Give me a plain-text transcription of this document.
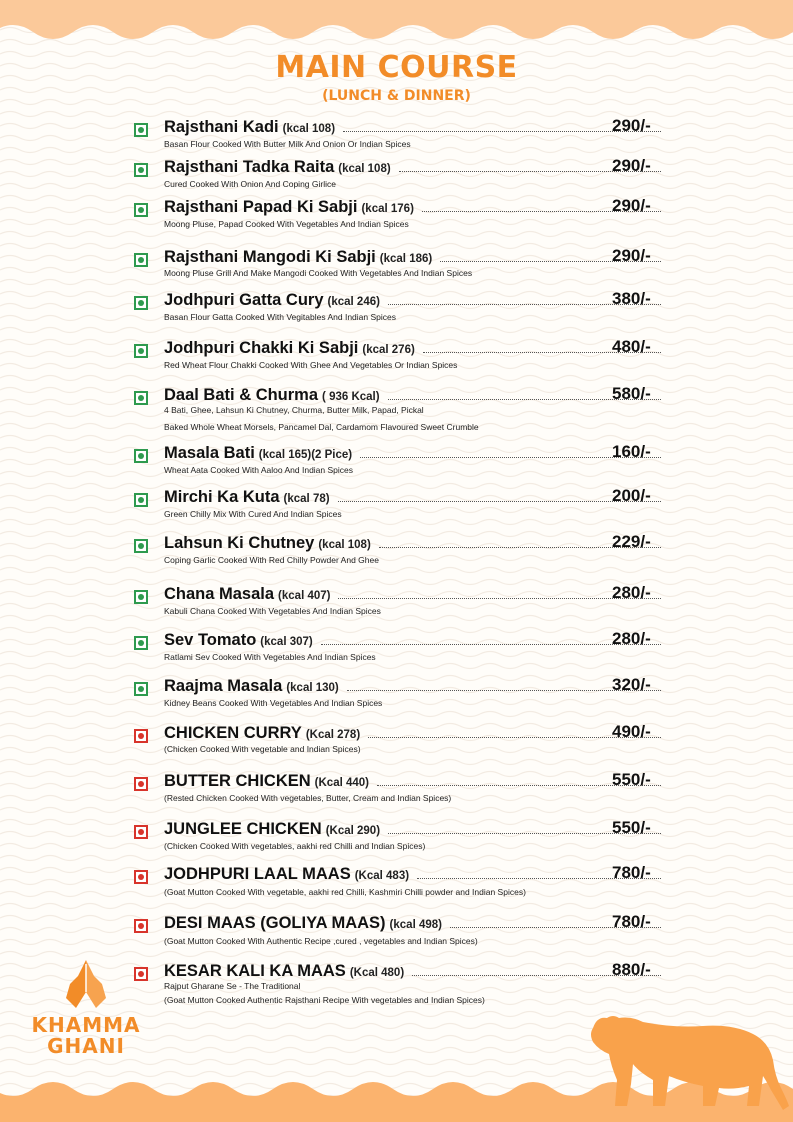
MAIN COURSE
(LUNCH & DINNER)
Rajsthani Kadi (kcal 108)	290/-
Basan Flour Cooked With Butter Milk And Onion Or Indian Spices
Rajsthani Tadka Raita (kcal 108)	290/-
Cured Cooked With Onion And Coping Girlice
Rajsthani Papad Ki Sabji (kcal 176)	290/-
Moong Pluse, Papad Cooked With Vegetables And Indian Spices
Rajsthani Mangodi Ki Sabji (kcal 186)	290/-
Moong Pluse Grill And Make Mangodi Cooked With Vegetables And Indian Spices
Jodhpuri Gatta Cury (kcal 246)	380/-
Basan Flour Gatta Cooked With Vegitables And Indian Spices
Jodhpuri Chakki Ki Sabji (kcal 276)	480/-
Red Wheat Flour Chakki Cooked With Ghee And Vegetables Or Indian Spices
Daal Bati & Churma ( 936 Kcal)	580/-
4 Bati, Ghee, Lahsun Ki Chutney, Churma, Butter Milk, Papad, Pickal
Baked Whole Wheat Morsels, Pancamel Dal, Cardamom Flavoured Sweet Crumble
Masala Bati (kcal 165)(2 Pice)	160/-
Wheat Aata Cooked With Aaloo And Indian Spices
Mirchi Ka Kuta (kcal 78)	200/-
Green Chilly Mix With Cured And Indian Spices
Lahsun Ki Chutney (kcal 108)	229/-
Coping Garlic Cooked With Red Chilly Powder And Ghee
Chana Masala (kcal 407)	280/-
Kabuli Chana Cooked With Vegetables And Indian Spices
Sev Tomato (kcal 307)	280/-
Ratlami Sev Cooked With Vegetables And Indian Spices
Raajma Masala (kcal 130)	320/-
Kidney Beans Cooked With Vegetables And Indian Spices
CHICKEN CURRY (Kcal 278)	490/-
(Chicken Cooked With vegetable and Indian Spices)
BUTTER CHICKEN (Kcal 440)	550/-
(Rested Chicken Cooked With vegetables, Butter, Cream and Indian Spices)
JUNGLEE CHICKEN (Kcal 290)	550/-
(Chicken Cooked With vegetables, aakhi red Chilli and Indian Spices)
JODHPURI LAAL MAAS (Kcal 483)	780/-
(Goat Mutton Cooked With vegetable, aakhi red Chilli, Kashmiri Chilli powder and Indian Spices)
DESI MAAS (GOLIYA MAAS) (kcal 498)	780/-
(Goat Mutton Cooked With Authentic Recipe ,cured , vegetables and Indian Spices)
KESAR KALI KA MAAS (Kcal 480)	880/-
Rajput Gharane Se - The Traditional
(Goat Mutton Cooked Authentic Rajsthani Recipe With vegetables and Indian Spices)
KHAMMA
GHANI
